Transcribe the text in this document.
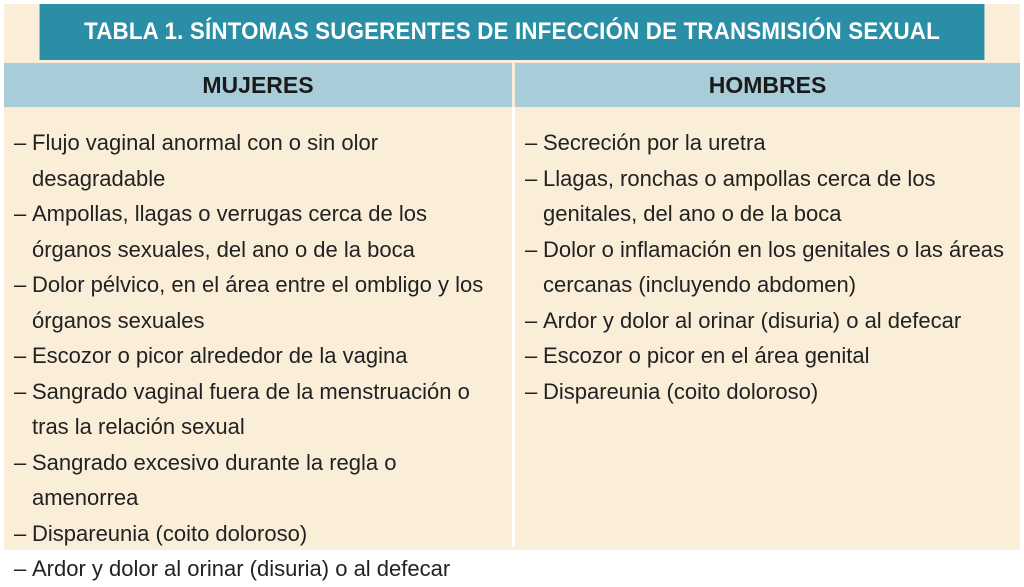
TABLA 1. SÍNTOMAS SUGERENTES DE INFECCIÓN DE TRANSMISIÓN SEXUAL
MUJERES	HOMBRES
– Flujo vaginal anormal con o sin olor desagradable
– Ampollas, llagas o verrugas cerca de los órganos sexuales, del ano o de la boca
– Dolor pélvico, en el área entre el ombligo y los órganos sexuales
– Escozor o picor alrededor de la vagina
– Sangrado vaginal fuera de la menstruación o tras la relación sexual
– Sangrado excesivo durante la regla o amenorrea
– Dispareunia (coito doloroso)
– Ardor y dolor al orinar (disuria) o al defecar
– Secreción por la uretra
– Llagas, ronchas o ampollas cerca de los genitales, del ano o de la boca
– Dolor o inflamación en los genitales o las áreas cercanas (incluyendo abdomen)
– Ardor y dolor al orinar (disuria) o al defecar
– Escozor o picor en el área genital
– Dispareunia (coito doloroso)
